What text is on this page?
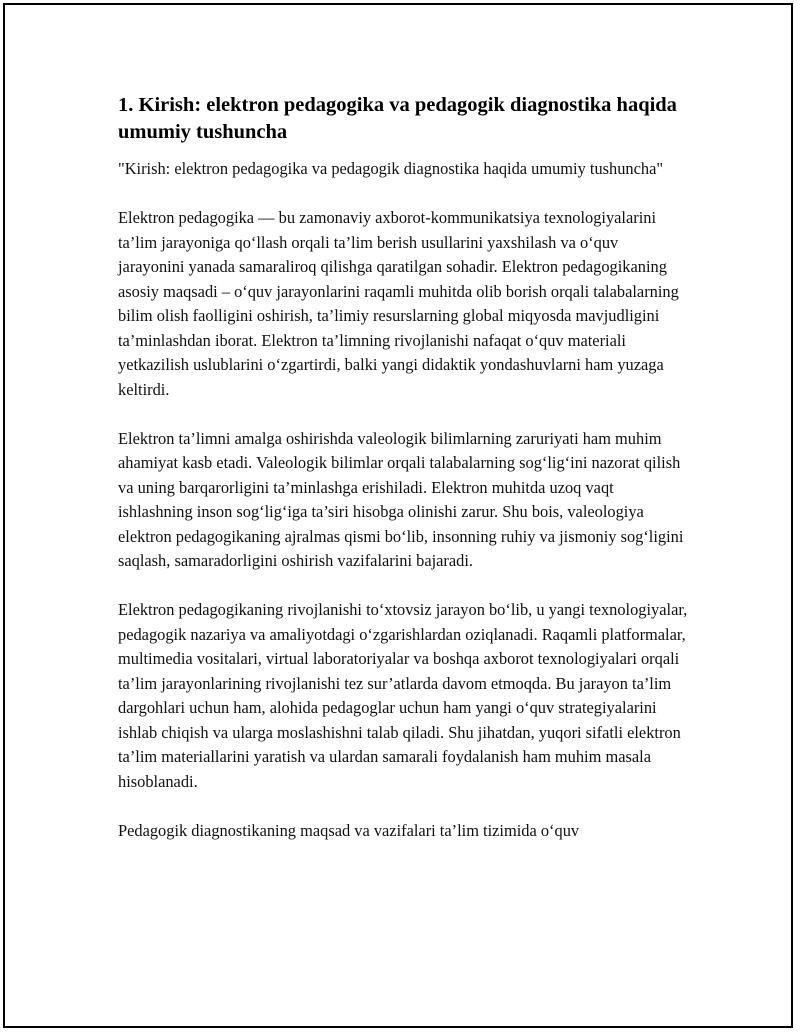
1. Kirish: elektron pedagogika va pedagogik diagnostika haqida umumiy tushuncha

"Kirish: elektron pedagogika va pedagogik diagnostika haqida umumiy tushuncha"

Elektron pedagogika — bu zamonaviy axborot-kommunikatsiya texnologiyalarini ta’lim jarayoniga qo‘llash orqali ta’lim berish usullarini yaxshilash va o‘quv jarayonini yanada samaraliroq qilishga qaratilgan sohadir. Elektron pedagogikaning asosiy maqsadi – o‘quv jarayonlarini raqamli muhitda olib borish orqali talabalarning bilim olish faolligini oshirish, ta’limiy resurslarning global miqyosda mavjudligini ta’minlashdan iborat. Elektron ta’limning rivojlanishi nafaqat o‘quv materiali yetkazilish uslublarini o‘zgartirdi, balki yangi didaktik yondashuvlarni ham yuzaga keltirdi.

Elektron ta’limni amalga oshirishda valeologik bilimlarning zaruriyati ham muhim ahamiyat kasb etadi. Valeologik bilimlar orqali talabalarning sog‘lig‘ini nazorat qilish va uning barqarorligini ta’minlashga erishiladi. Elektron muhitda uzoq vaqt ishlashning inson sog‘lig‘iga ta’siri hisobga olinishi zarur. Shu bois, valeologiya elektron pedagogikaning ajralmas qismi bo‘lib, insonning ruhiy va jismoniy sog‘ligini saqlash, samaradorligini oshirish vazifalarini bajaradi.

Elektron pedagogikaning rivojlanishi to‘xtovsiz jarayon bo‘lib, u yangi texnologiyalar, pedagogik nazariya va amaliyotdagi o‘zgarishlardan oziqlanadi. Raqamli platformalar, multimedia vositalari, virtual laboratoriyalar va boshqa axborot texnologiyalari orqali ta’lim jarayonlarining rivojlanishi tez sur’atlarda davom etmoqda. Bu jarayon ta’lim dargohlari uchun ham, alohida pedagoglar uchun ham yangi o‘quv strategiyalarini ishlab chiqish va ularga moslashishni talab qiladi. Shu jihatdan, yuqori sifatli elektron ta’lim materiallarini yaratish va ulardan samarali foydalanish ham muhim masala hisoblanadi.

Pedagogik diagnostikaning maqsad va vazifalari ta’lim tizimida o‘quv
